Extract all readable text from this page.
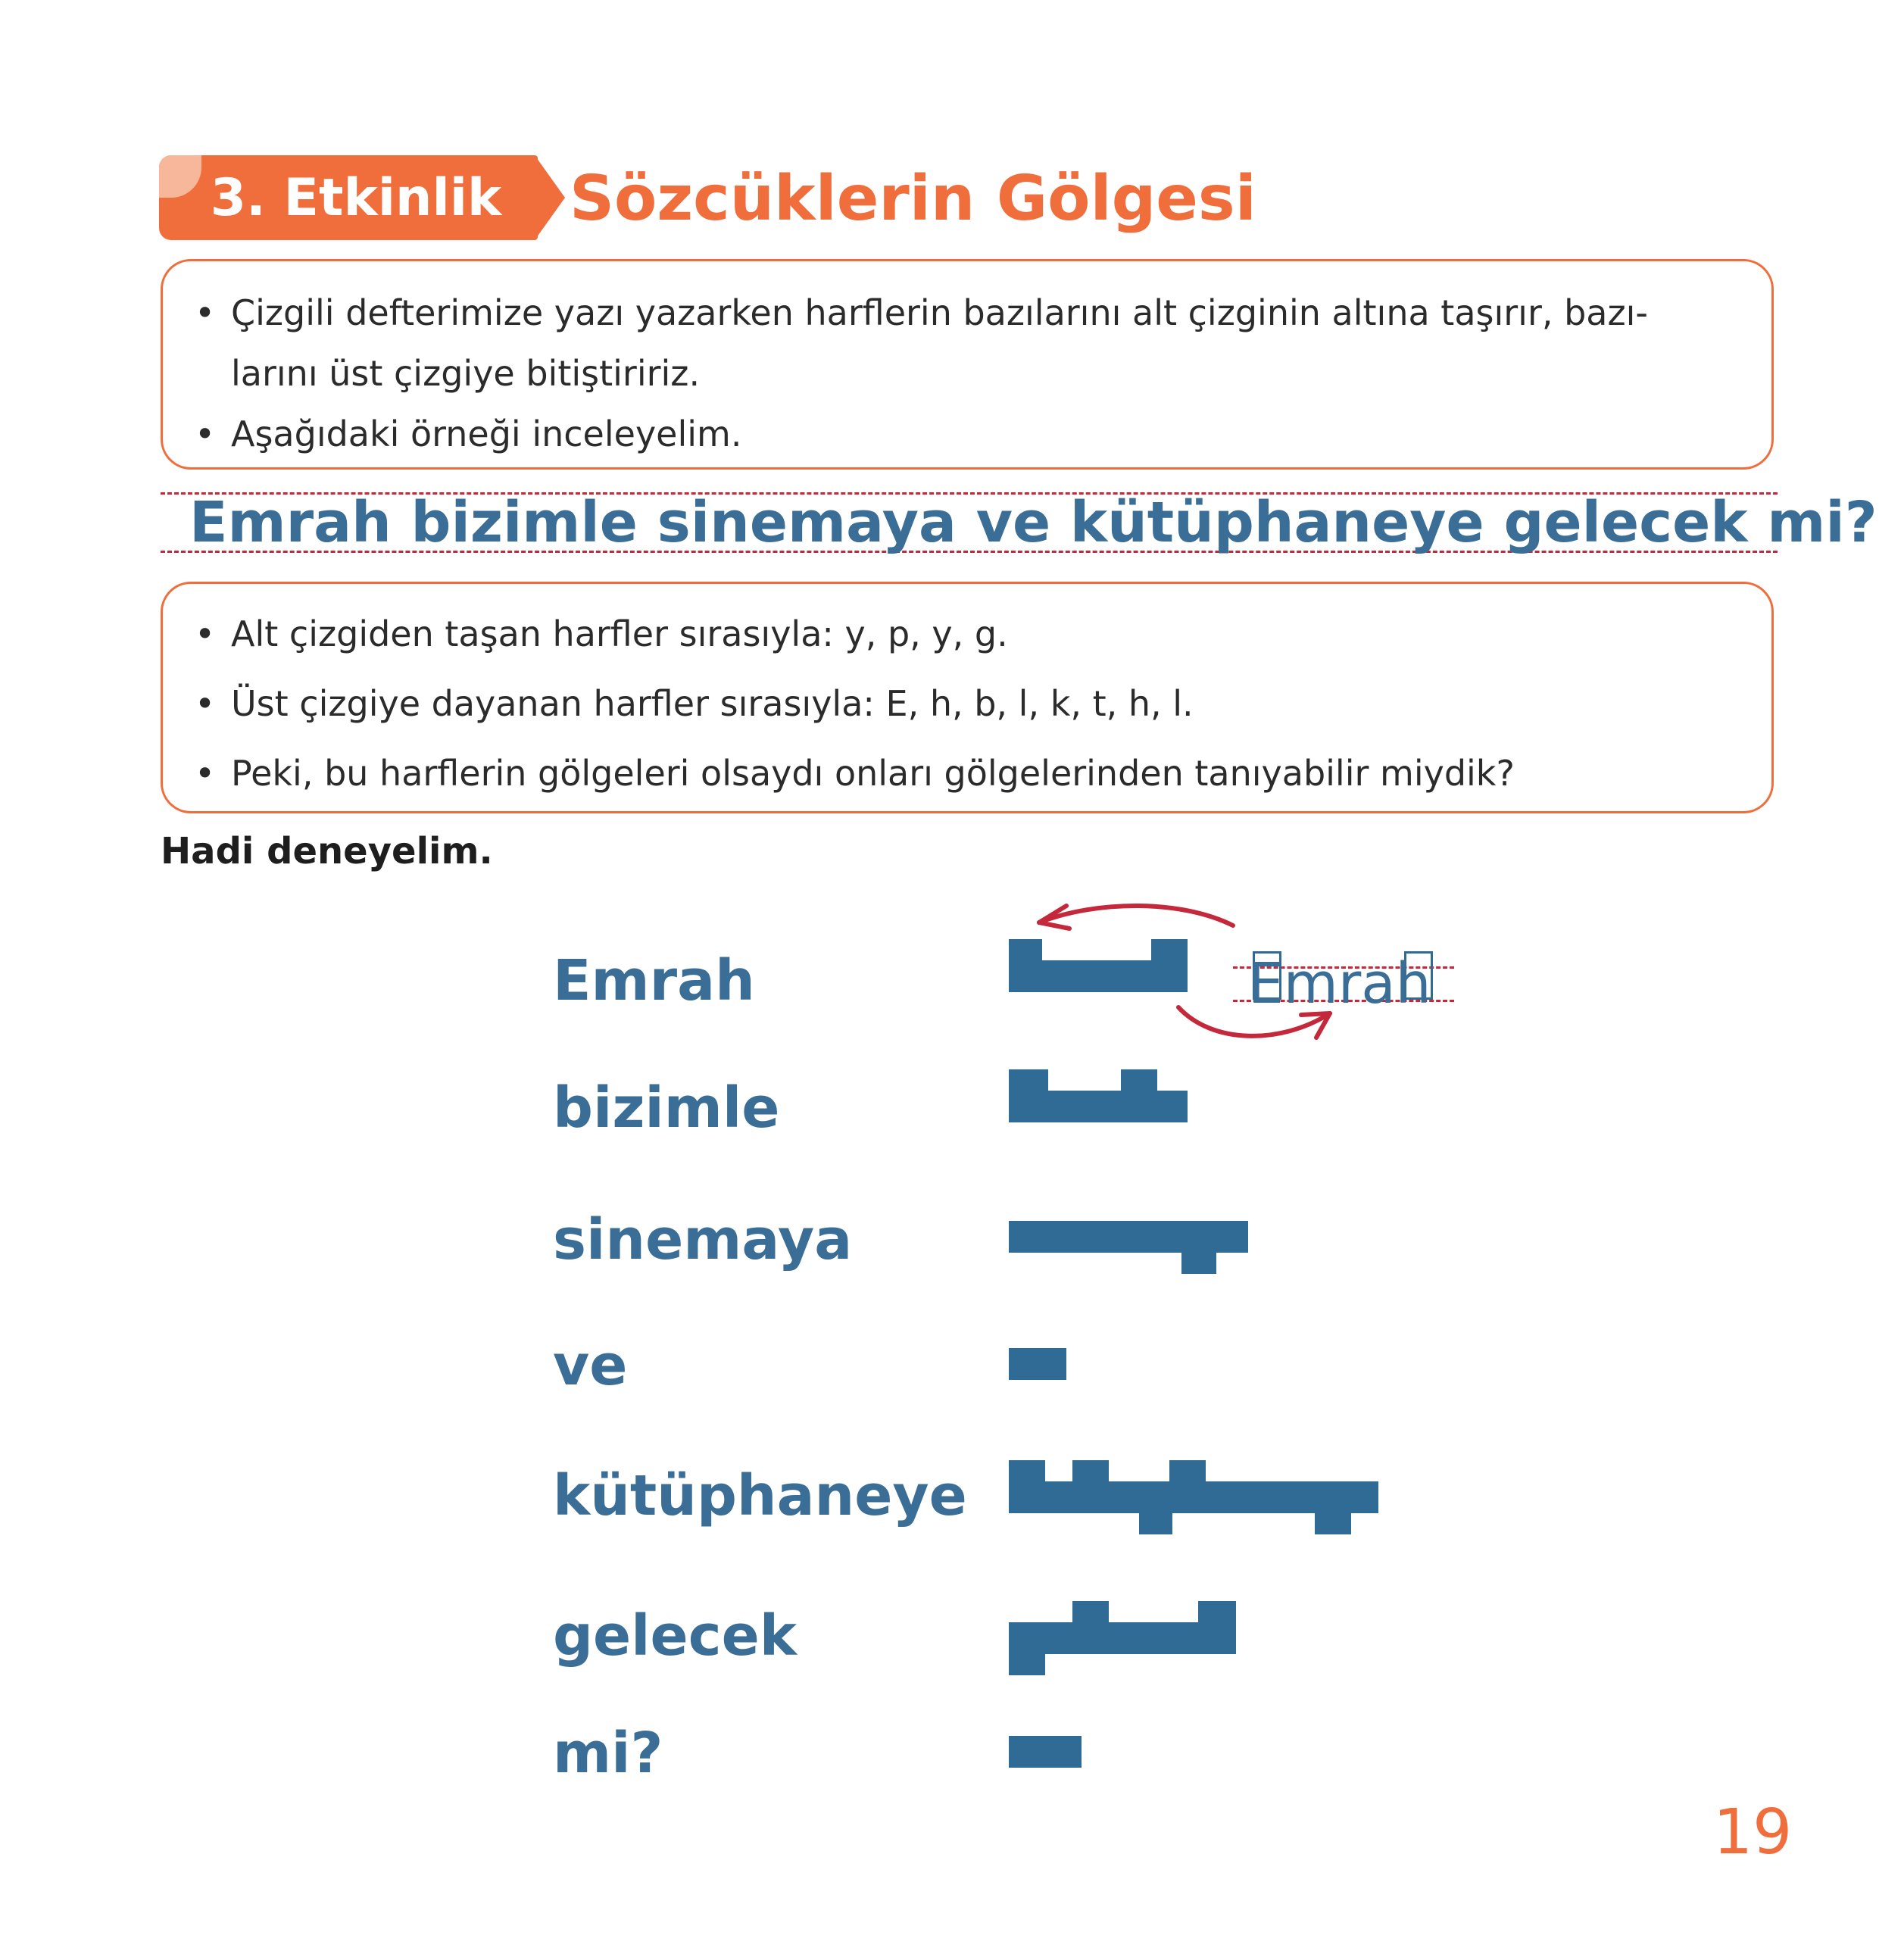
3. Etkinlik Sözcüklerin Gölgesi
• Çizgili defterimize yazı yazarken harflerin bazılarını alt çizginin altına taşırır, bazı-larını üst çizgiye bitiştiririz.
• Aşağıdaki örneği inceleyelim.
Emrah bizimle sinemaya ve kütüphaneye gelecek mi?
• Alt çizgiden taşan harfler sırasıyla: y, p, y, g.
• Üst çizgiye dayanan harfler sırasıyla: E, h, b, l, k, t, h, l.
• Peki, bu harflerin gölgeleri olsaydı onları gölgelerinden tanıyabilir miydik?
Hadi deneyelim.
Emrah
bizimle
sinemaya
ve
kütüphaneye
gelecek
mi?
Emrah
19
